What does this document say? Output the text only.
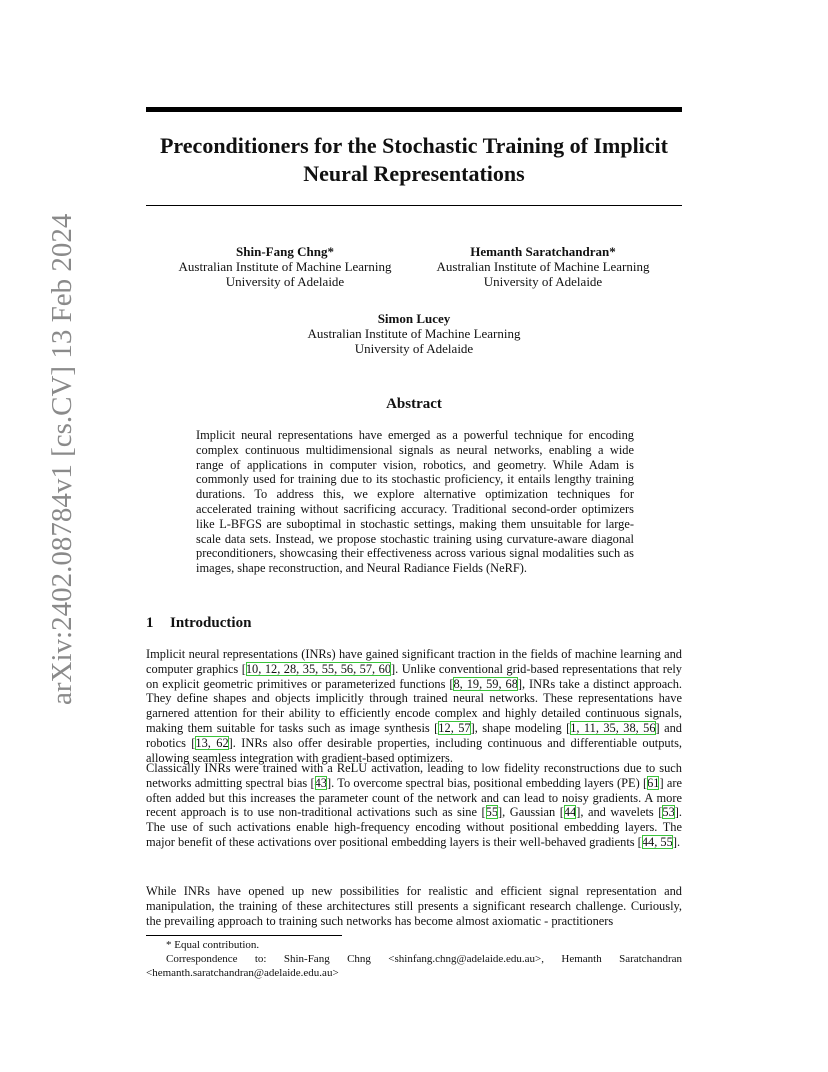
arXiv:2402.08784v1 [cs.CV] 13 Feb 2024
Preconditioners for the Stochastic Training of Implicit Neural Representations
Shin-Fang Chng*
Australian Institute of Machine Learning
University of Adelaide
Hemanth Saratchandran*
Australian Institute of Machine Learning
University of Adelaide
Simon Lucey
Australian Institute of Machine Learning
University of Adelaide
Abstract

Implicit neural representations have emerged as a powerful technique for encoding complex continuous multidimensional signals as neural networks, enabling a wide range of applications in computer vision, robotics, and geometry. While Adam is commonly used for training due to its stochastic proficiency, it entails lengthy training durations. To address this, we explore alternative optimization techniques for accelerated training without sacrificing accuracy. Traditional second-order optimizers like L-BFGS are suboptimal in stochastic settings, making them unsuitable for large-scale data sets. Instead, we propose stochastic training using curvature-aware diagonal preconditioners, showcasing their effectiveness across various signal modalities such as images, shape reconstruction, and Neural Radiance Fields (NeRF).

1 Introduction

Implicit neural representations (INRs) have gained significant traction in the fields of machine learning and computer graphics [10, 12, 28, 35, 55, 56, 57, 60]. Unlike conventional grid-based representations that rely on explicit geometric primitives or parameterized functions [8, 19, 59, 68], INRs take a distinct approach. They define shapes and objects implicitly through trained neural networks. These representations have garnered attention for their ability to efficiently encode complex and highly detailed continuous signals, making them suitable for tasks such as image synthesis [12, 57], shape modeling [1, 11, 35, 38, 56] and robotics [13, 62]. INRs also offer desirable properties, including continuous and differentiable outputs, allowing seamless integration with gradient-based optimizers.

Classically INRs were trained with a ReLU activation, leading to low fidelity reconstructions due to such networks admitting spectral bias [43]. To overcome spectral bias, positional embedding layers (PE) [61] are often added but this increases the parameter count of the network and can lead to noisy gradients. A more recent approach is to use non-traditional activations such as sine [55], Gaussian [44], and wavelets [53]. The use of such activations enable high-frequency encoding without positional embedding layers. The major benefit of these activations over positional embedding layers is their well-behaved gradients [44, 55].

While INRs have opened up new possibilities for realistic and efficient signal representation and manipulation, the training of these architectures still presents a significant research challenge. Curiously, the prevailing approach to training such networks has become almost axiomatic - practitioners

* Equal contribution.
Correspondence to: Shin-Fang Chng <shinfang.chng@adelaide.edu.au>, Hemanth Saratchandran <hemanth.saratchandran@adelaide.edu.au>
